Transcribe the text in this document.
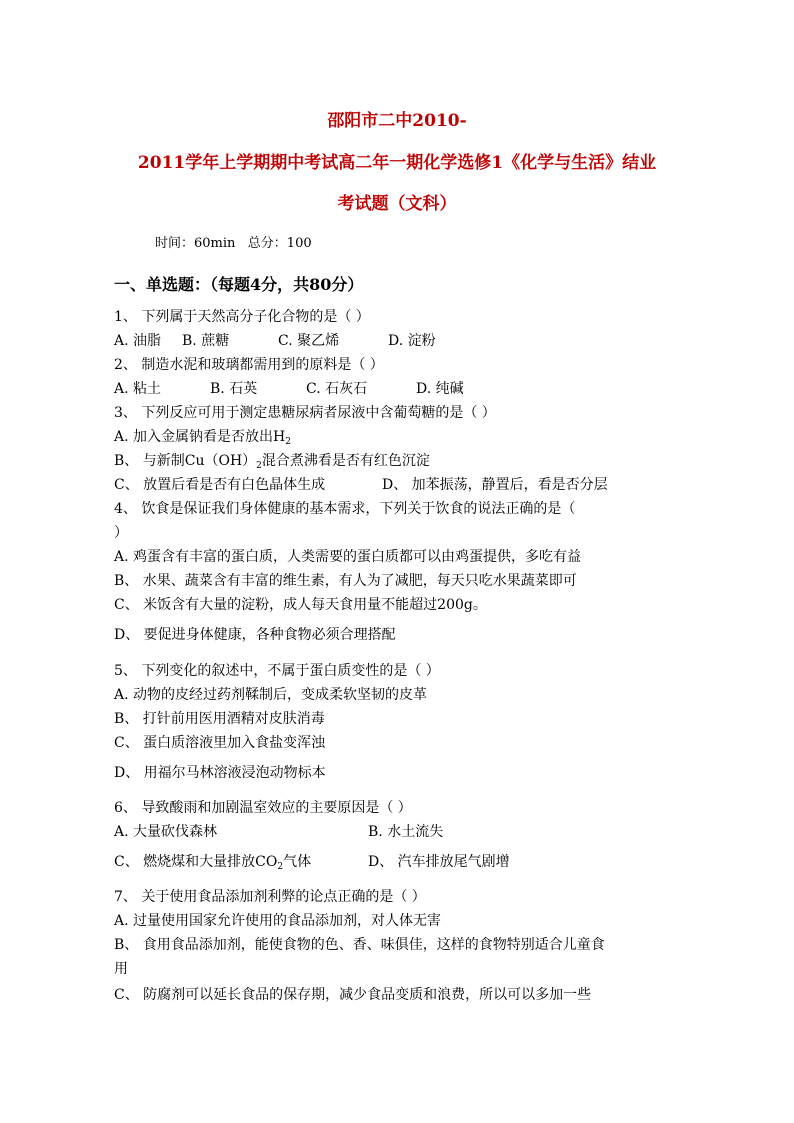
邵阳市二中2010-
2011学年上学期期中考试高二年一期化学选修1《化学与生活》结业
考试题（文科）
时间：60min   总分：100
一、单选题：（每题4分，共80分）
1、 下列属于天然高分子化合物的是（ ）
A. 油脂 B. 蔗糖	C. 聚乙烯	D. 淀粉
2、 制造水泥和玻璃都需用到的原料是（ ）
A. 粘土	B. 石英	C. 石灰石	D. 纯碱
3、 下列反应可用于测定患糖尿病者尿液中含葡萄糖的是（ ）
A. 加入金属钠看是否放出$H_2$
B、 与新制$Cu(OH)_2$混合煮沸看是否有红色沉淀
C、 放置后看是否有白色晶体生成	D、 加苯振荡，静置后，看是否分层
4、 饮食是保证我们身体健康的基本需求，下列关于饮食的说法正确的是（
）
A. 鸡蛋含有丰富的蛋白质，人类需要的蛋白质都可以由鸡蛋提供，多吃有益
B、 水果、蔬菜含有丰富的维生素，有人为了减肥，每天只吃水果蔬菜即可
C、 米饭含有大量的淀粉，成人每天食用量不能超过200g。
D、 要促进身体健康，各种食物必须合理搭配
5、 下列变化的叙述中，不属于蛋白质变性的是（ ）
A. 动物的皮经过药剂鞣制后，变成柔软坚韧的皮革
B、 打针前用医用酒精对皮肤消毒
C、 蛋白质溶液里加入食盐变浑浊
D、 用福尔马林溶液浸泡动物标本
6、 导致酸雨和加剧温室效应的主要原因是（ ）
A. 大量砍伐森林	B. 水土流失
C、 燃烧煤和大量排放$CO_2$气体	D、 汽车排放尾气剧增
7、 关于使用食品添加剂利弊的论点正确的是（ ）
A. 过量使用国家允许使用的食品添加剂，对人体无害
B、 食用食品添加剂，能使食物的色、香、味俱佳，这样的食物特别适合儿童食
用
C、 防腐剂可以延长食品的保存期，减少食品变质和浪费，所以可以多加一些
